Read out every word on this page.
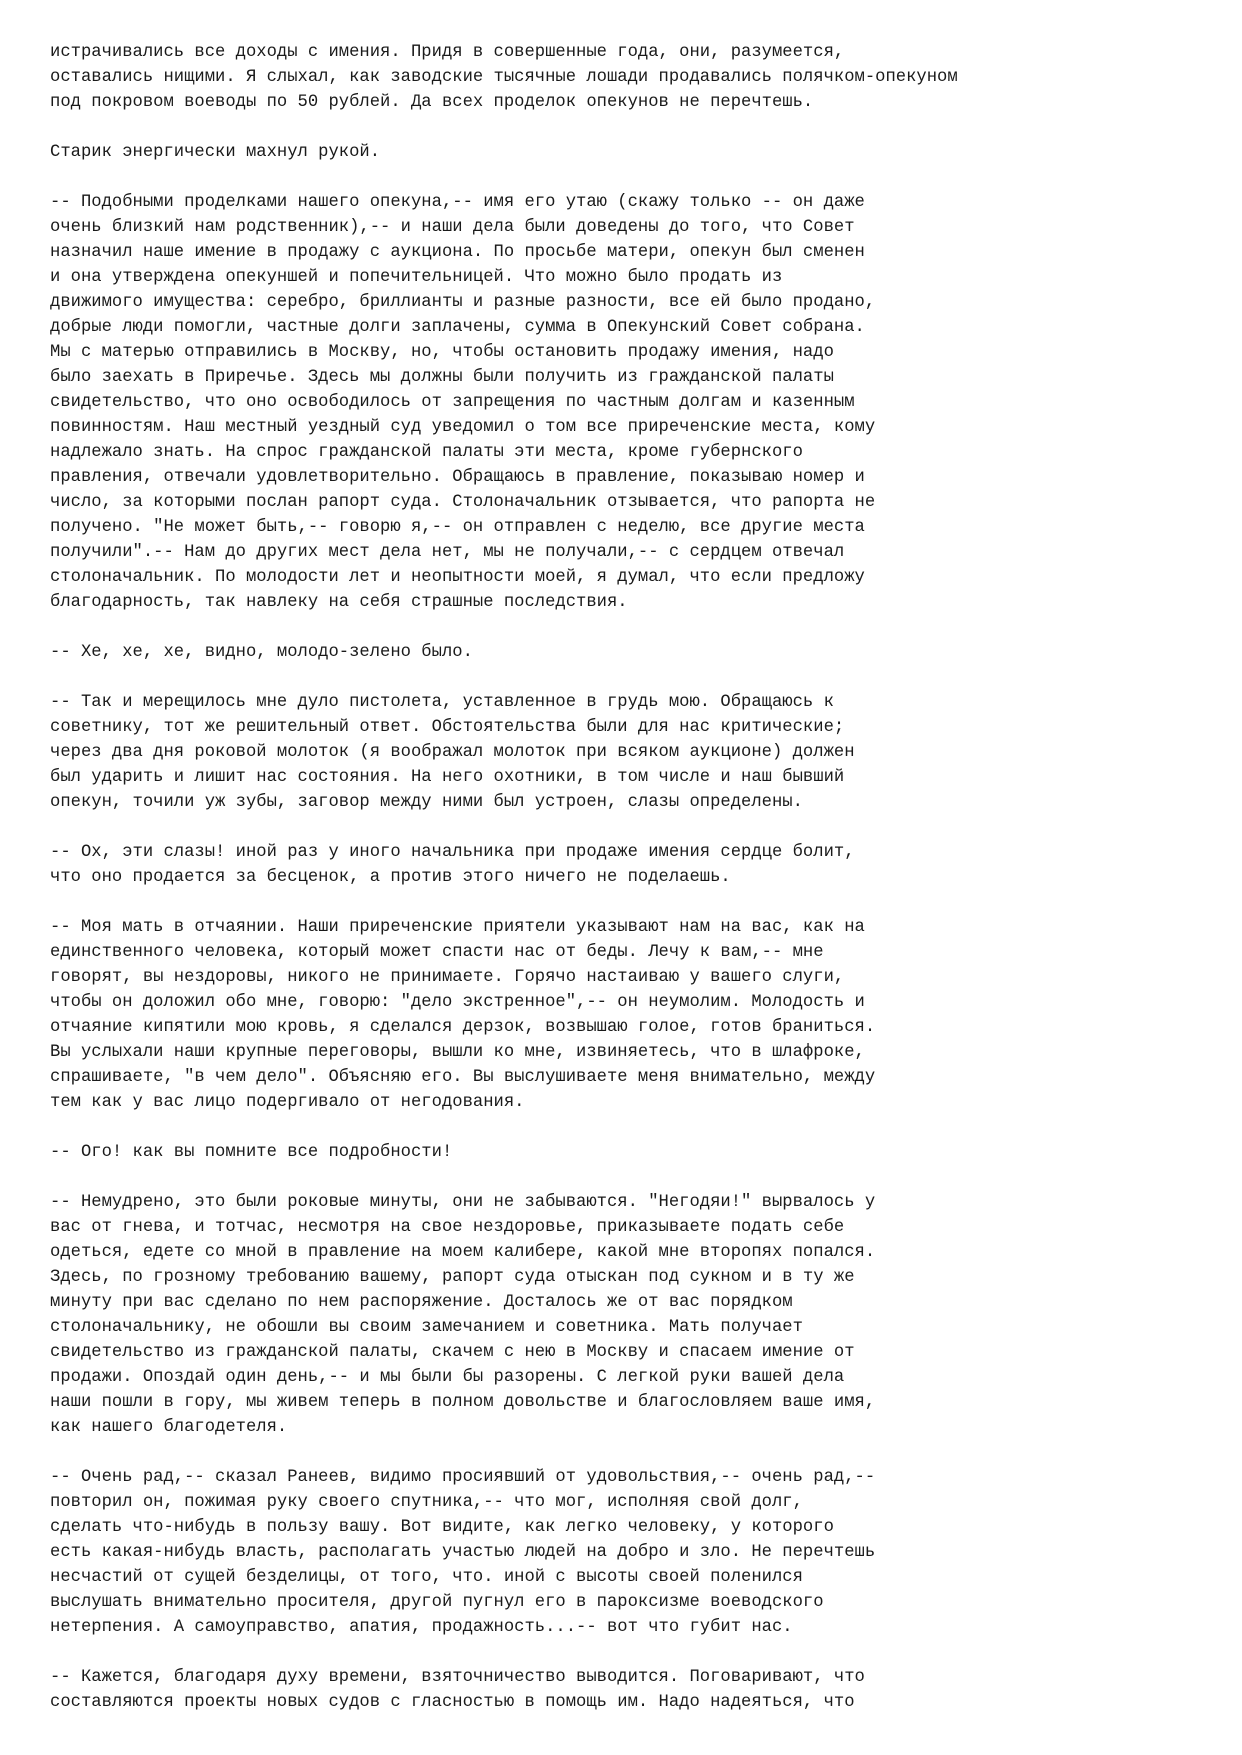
истрачивались все доходы с имения. Придя в совершенные года, они, разумеется,
оставались нищими. Я слыхал, как заводские тысячные лошади продавались полячком-опекуном
под покровом воеводы по 50 рублей. Да всех проделок опекунов не перечтешь.
Старик энергически махнул рукой.
-- Подобными проделками нашего опекуна,-- имя его утаю (скажу только -- он даже
очень близкий нам родственник),-- и наши дела были доведены до того, что Совет
назначил наше имение в продажу с аукциона. По просьбе матери, опекун был сменен
и она утверждена опекуншей и попечительницей. Что можно было продать из
движимого имущества: серебро, бриллианты и разные разности, все ей было продано,
добрые люди помогли, частные долги заплачены, сумма в Опекунский Совет собрана.
Мы с матерью отправились в Москву, но, чтобы остановить продажу имения, надо
было заехать в Приречье. Здесь мы должны были получить из гражданской палаты
свидетельство, что оно освободилось от запрещения по частным долгам и казенным
повинностям. Наш местный уездный суд уведомил о том все приреченские места, кому
надлежало знать. На спрос гражданской палаты эти места, кроме губернского
правления, отвечали удовлетворительно. Обращаюсь в правление, показываю номер и
число, за которыми послан рапорт суда. Столоначальник отзывается, что рапорта не
получено. "Не может быть,-- говорю я,-- он отправлен с неделю, все другие места
получили".-- Нам до других мест дела нет, мы не получали,-- с сердцем отвечал
столоначальник. По молодости лет и неопытности моей, я думал, что если предложу
благодарность, так навлеку на себя страшные последствия.
-- Хе, хе, хе, видно, молодо-зелено было.
-- Так и мерещилось мне дуло пистолета, уставленное в грудь мою. Обращаюсь к
советнику, тот же решительный ответ. Обстоятельства были для нас критические;
через два дня роковой молоток (я воображал молоток при всяком аукционе) должен
был ударить и лишит нас состояния. На него охотники, в том числе и наш бывший
опекун, точили уж зубы, заговор между ними был устроен, слазы определены.
-- Ох, эти слазы! иной раз у иного начальника при продаже имения сердце болит,
что оно продается за бесценок, а против этого ничего не поделаешь.
-- Моя мать в отчаянии. Наши приреченские приятели указывают нам на вас, как на
единственного человека, который может спасти нас от беды. Лечу к вам,-- мне
говорят, вы нездоровы, никого не принимаете. Горячо настаиваю у вашего слуги,
чтобы он доложил обо мне, говорю: "дело экстренное",-- он неумолим. Молодость и
отчаяние кипятили мою кровь, я сделался дерзок, возвышаю голое, готов браниться.
Вы услыхали наши крупные переговоры, вышли ко мне, извиняетесь, что в шлафроке,
спрашиваете, "в чем дело". Объясняю его. Вы выслушиваете меня внимательно, между
тем как у вас лицо подергивало от негодования.
-- Ого! как вы помните все подробности!
-- Немудрено, это были роковые минуты, они не забываются. "Негодяи!" вырвалось у
вас от гнева, и тотчас, несмотря на свое нездоровье, приказываете подать себе
одеться, едете со мной в правление на моем калибере, какой мне второпях попался.
Здесь, по грозному требованию вашему, рапорт суда отыскан под сукном и в ту же
минуту при вас сделано по нем распоряжение. Досталось же от вас порядком
столоначальнику, не обошли вы своим замечанием и советника. Мать получает
свидетельство из гражданской палаты, скачем с нею в Москву и спасаем имение от
продажи. Опоздай один день,-- и мы были бы разорены. С легкой руки вашей дела
наши пошли в гору, мы живем теперь в полном довольстве и благословляем ваше имя,
как нашего благодетеля.
-- Очень рад,-- сказал Ранеев, видимо просиявший от удовольствия,-- очень рад,--
повторил он, пожимая руку своего спутника,-- что мог, исполняя свой долг,
сделать что-нибудь в пользу вашу. Вот видите, как легко человеку, у которого
есть какая-нибудь власть, располагать участью людей на добро и зло. Не перечтешь
несчастий от сущей безделицы, от того, что. иной с высоты своей поленился
выслушать внимательно просителя, другой пугнул его в пароксизме воеводского
нетерпения. А самоуправство, апатия, продажность...-- вот что губит нас.
-- Кажется, благодаря духу времени, взяточничество выводится. Поговаривают, что
составляются проекты новых судов с гласностью в помощь им. Надо надеяться, что
